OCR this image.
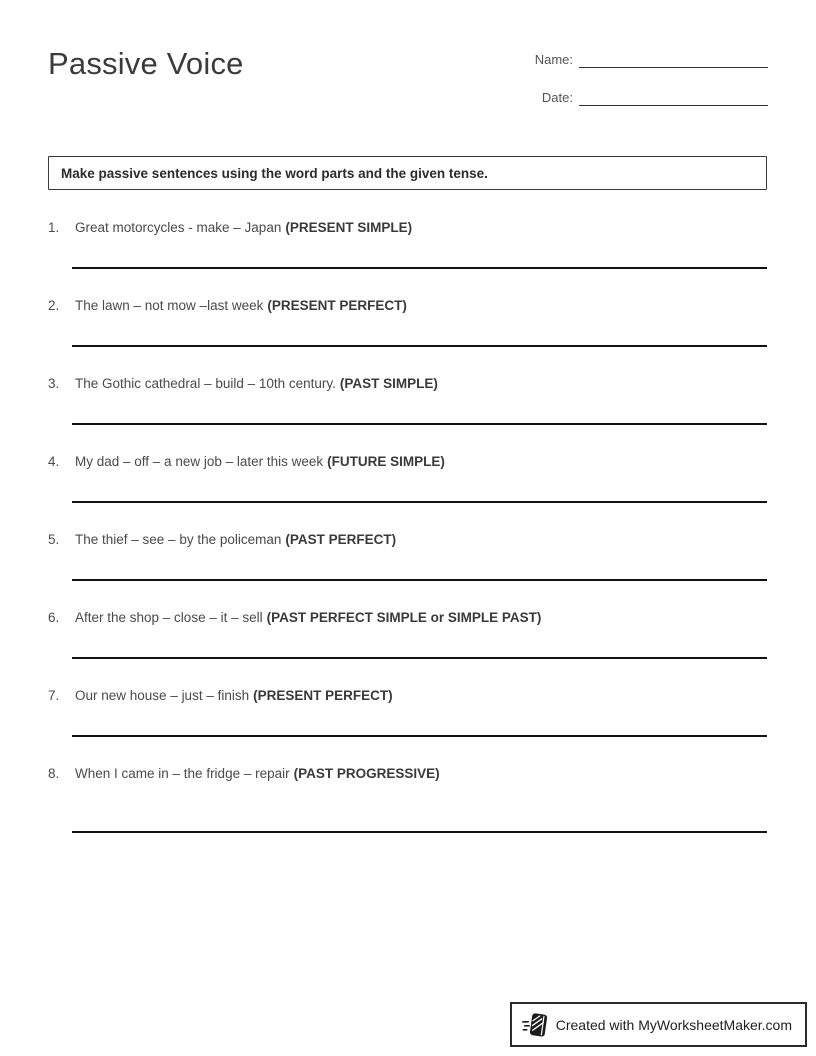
Passive Voice	Name:
Date:
Make passive sentences using the word parts and the given tense.
1. Great motorcycles - make – Japan (PRESENT SIMPLE)
2. The lawn – not mow –last week (PRESENT PERFECT)
3. The Gothic cathedral – build – 10th century. (PAST SIMPLE)
4. My dad – off – a new job – later this week (FUTURE SIMPLE)
5. The thief – see – by the policeman (PAST PERFECT)
6. After the shop – close – it – sell (PAST PERFECT SIMPLE or SIMPLE PAST)
7. Our new house – just – finish (PRESENT PERFECT)
8. When I came in – the fridge – repair (PAST PROGRESSIVE)
Created with MyWorksheetMaker.com
